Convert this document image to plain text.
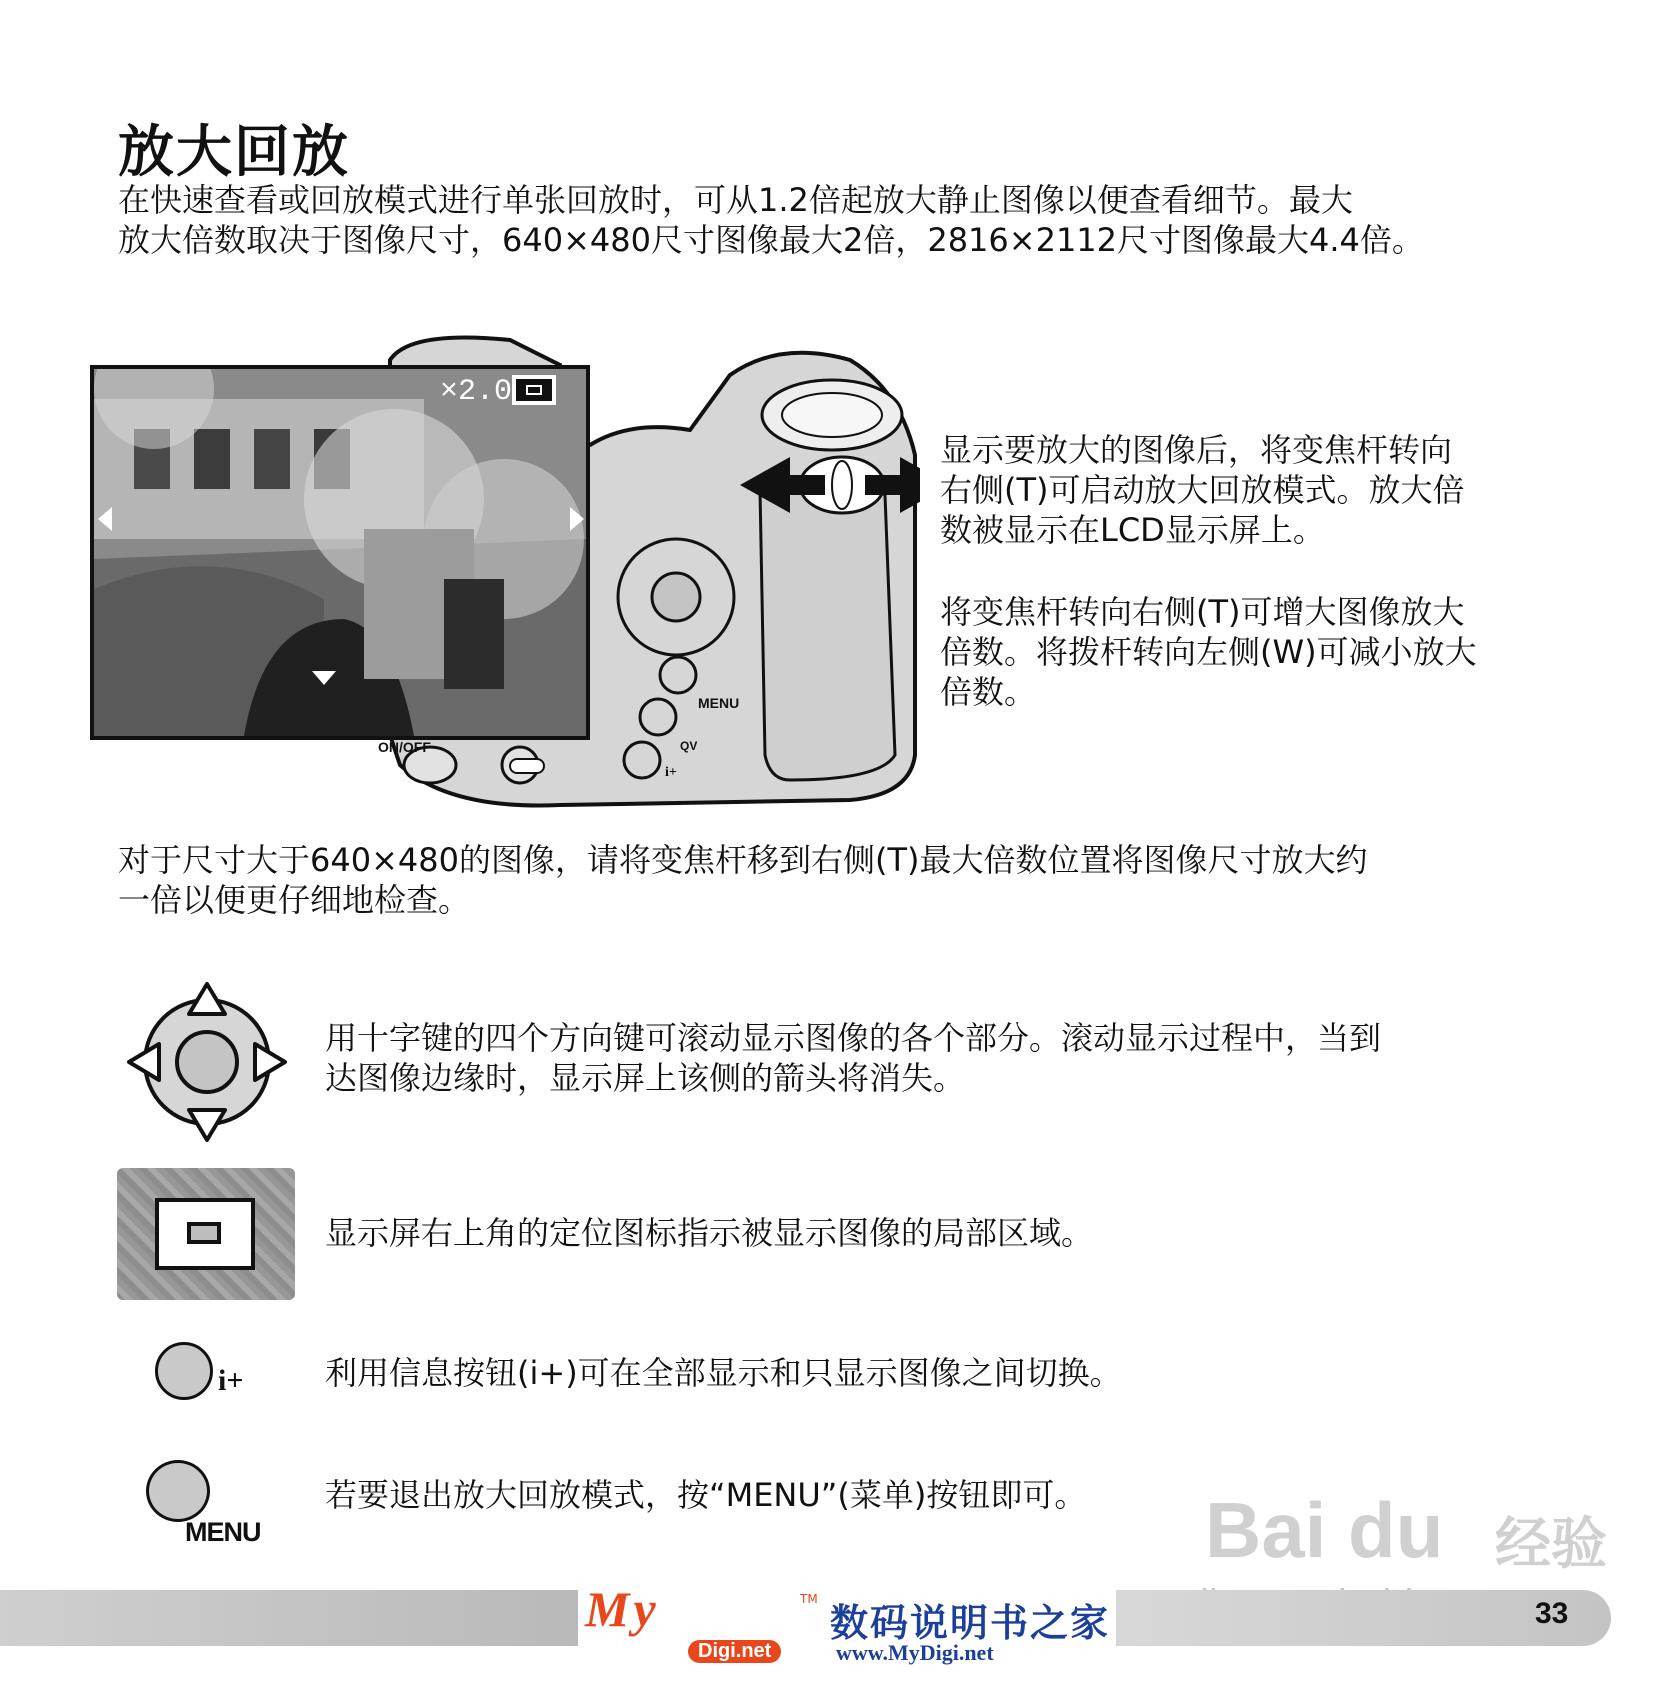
放大回放
在快速查看或回放模式进行单张回放时，可从1.2倍起放大静止图像以便查看细节。最大
放大倍数取决于图像尺寸，640×480尺寸图像最大2倍，2816×2112尺寸图像最大4.4倍。
×2.0
W T
MENU
ON/OFF	QV
i+
显示要放大的图像后，将变焦杆转向
右侧(T)可启动放大回放模式。放大倍
数被显示在LCD显示屏上。
将变焦杆转向右侧(T)可增大图像放大
倍数。将拨杆转向左侧(W)可减小放大
倍数。
对于尺寸大于640×480的图像，请将变焦杆移到右侧(T)最大倍数位置将图像尺寸放大约
一倍以便更仔细地检查。
用十字键的四个方向键可滚动显示图像的各个部分。滚动显示过程中，当到
达图像边缘时，显示屏上该侧的箭头将消失。
显示屏右上角的定位图标指示被显示图像的局部区域。
i+	利用信息按钮(i+)可在全部显示和只显示图像之间切换。
MENU
若要退出放大回放模式，按“MENU”(菜单)按钮即可。	Bai du 经验
My	TM
Digi.net
数码说明书之家
www.MyDigi.net
33
